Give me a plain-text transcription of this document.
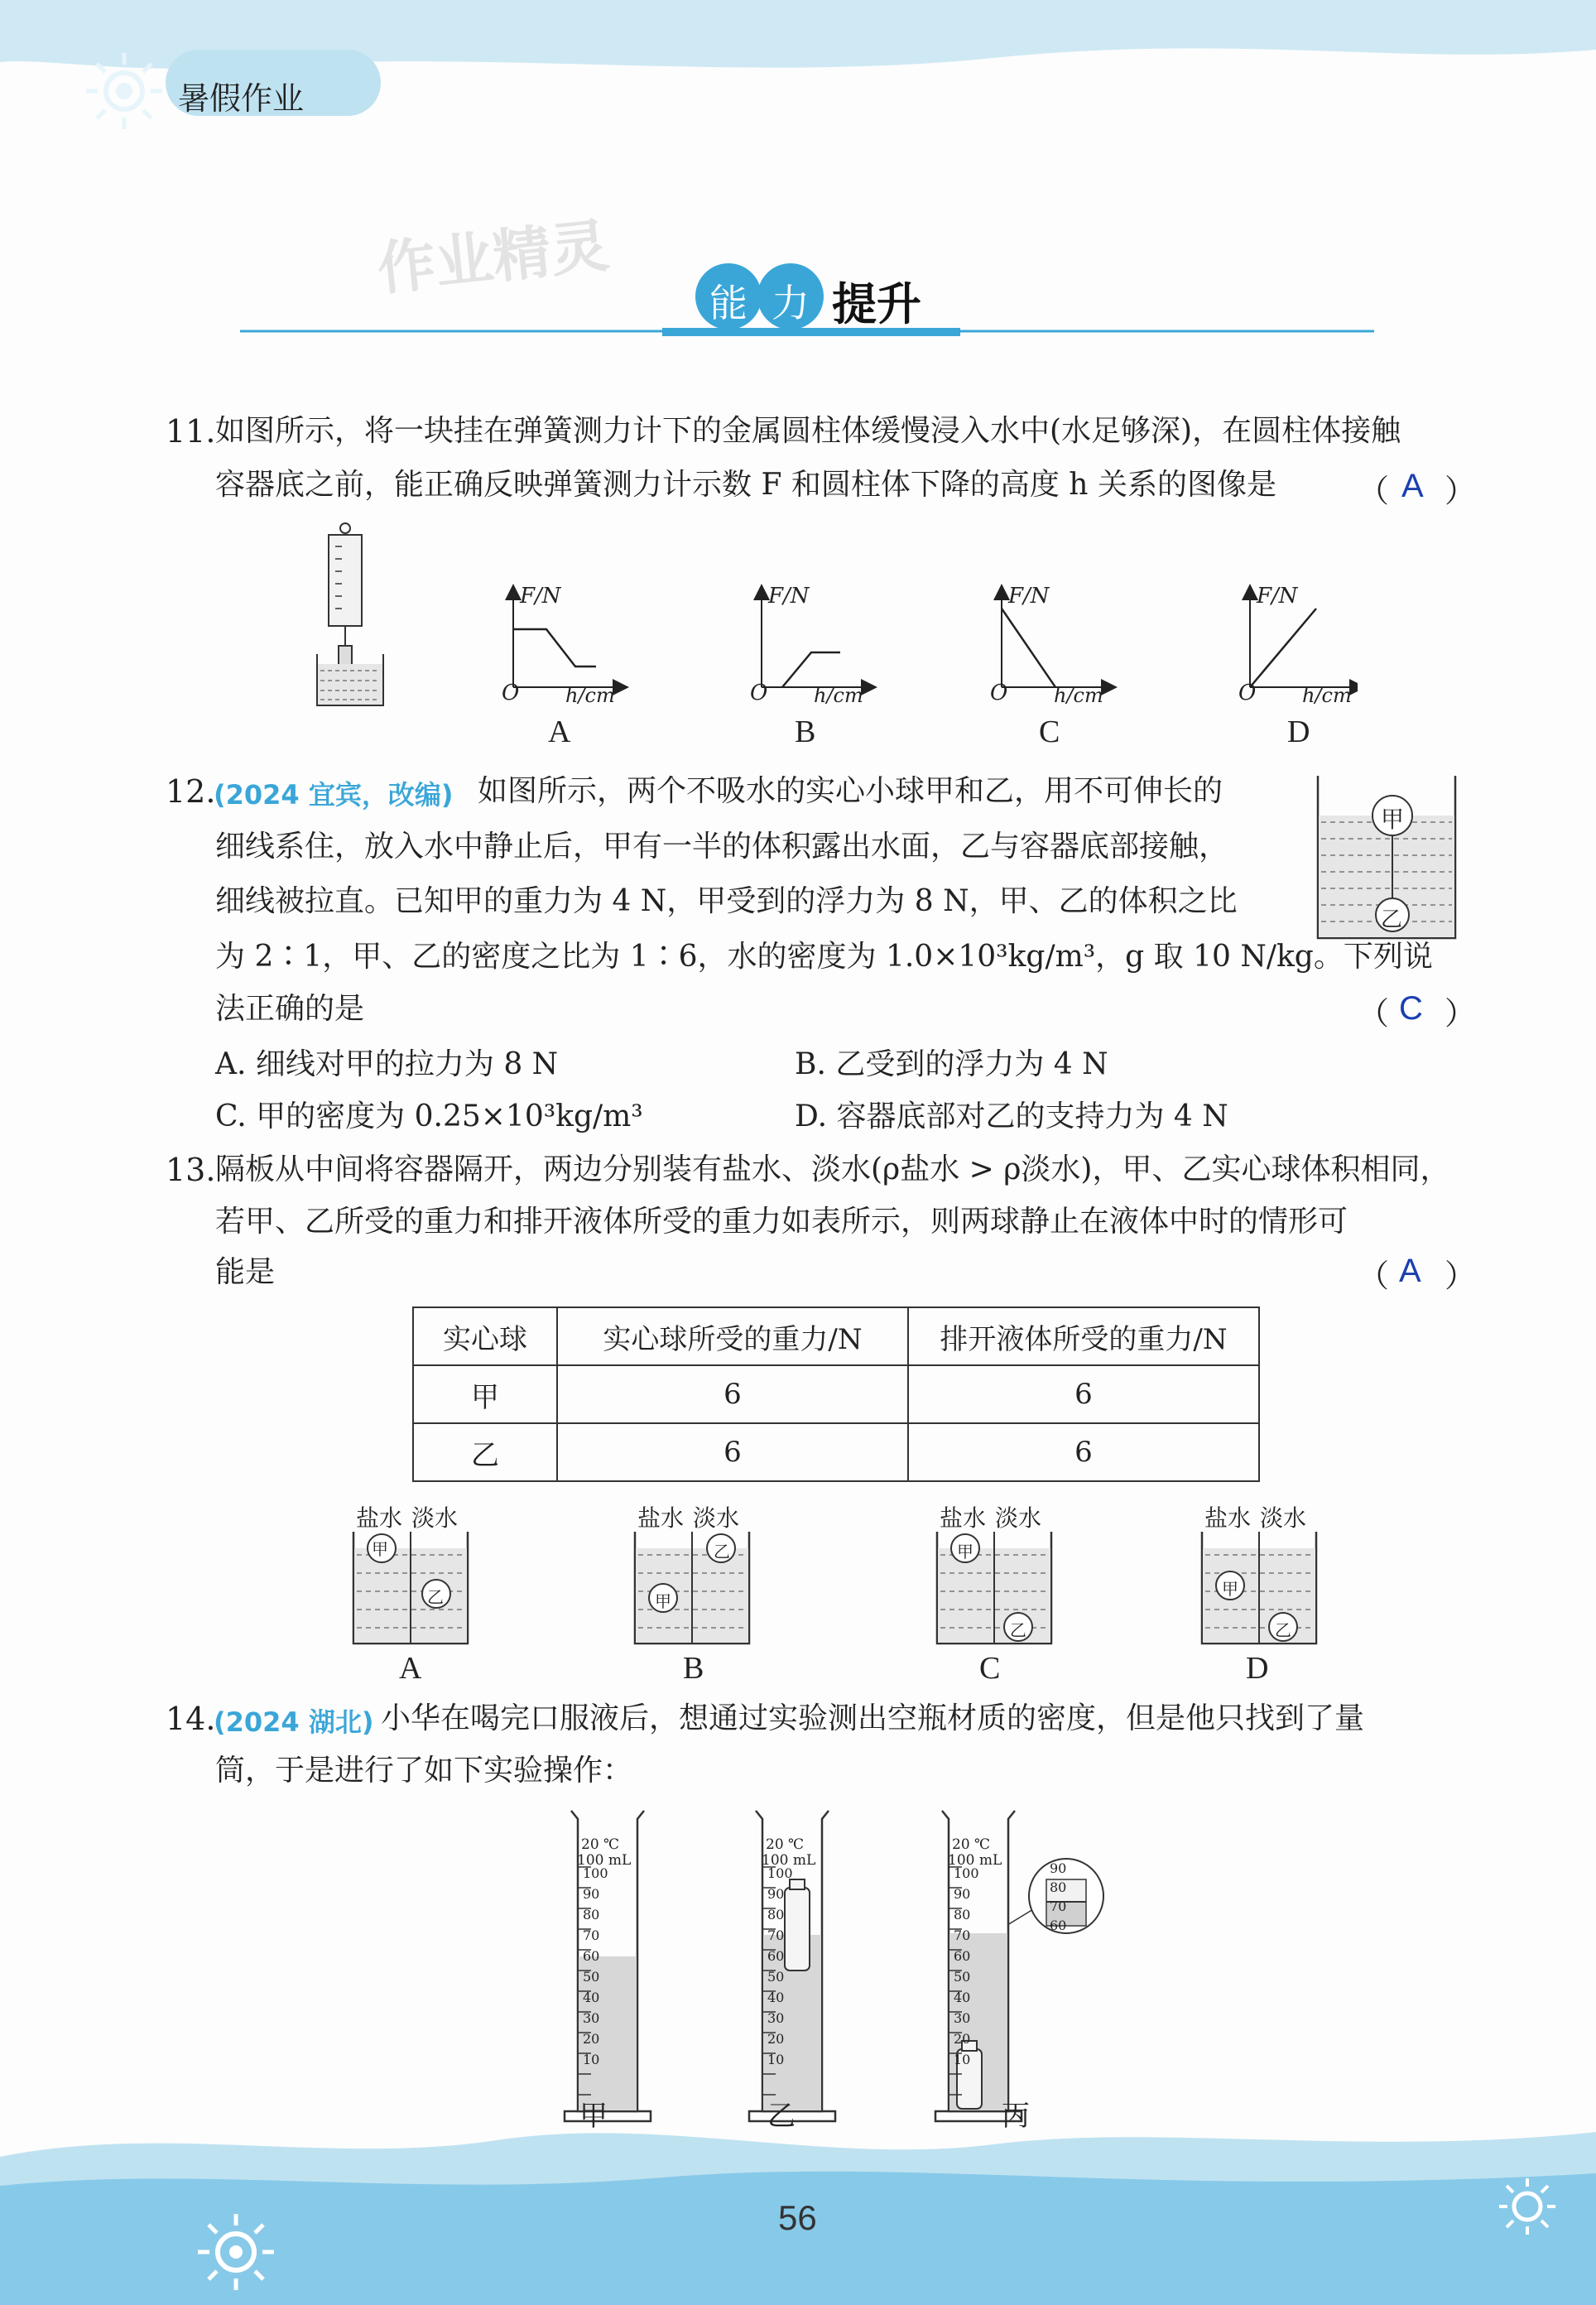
暑假作业
作业精灵	能 力 提升
11. 如图所示，将一块挂在弹簧测力计下的金属圆柱体缓慢浸入水中(水足够深)，在圆柱体接触
容器底之前，能正确反映弹簧测力计示数 F 和圆柱体下降的高度 h 关系的图像是	（ A ）
F/N	F/N	F/N	F/N
O	O	O	O
h/cm	h/cm	h/cm	h/cm
A	B	C	D
12.
(2024 宜宾，改编) 如图所示，两个不吸水的实心小球甲和乙，用不可伸长的
细线系住，放入水中静止后，甲有一半的体积露出水面，乙与容器底部接触，
细线被拉直。已知甲的重力为 4 N，甲受到的浮力为 8 N，甲、乙的体积之比
为 2∶1，甲、乙的密度之比为 1∶6，水的密度为 1.0×10³kg/m³，g 取 10 N/kg。下列说
法正确的是	（ C ）
甲
乙
A. 细线对甲的拉力为 8 N	B. 乙受到的浮力为 4 N
C. 甲的密度为 0.25×10³kg/m³	D. 容器底部对乙的支持力为 4 N
13. 隔板从中间将容器隔开，两边分别装有盐水、淡水(ρ盐水 > ρ淡水)，甲、乙实心球体积相同，
若甲、乙所受的重力和排开液体所受的重力如表所示，则两球静止在液体中时的情形可
能是	（ A ）
实心球	实心球所受的重力/N	排开液体所受的重力/N
甲	6	6
乙	6	6
盐水 淡水	盐水 淡水	盐水 淡水	盐水 淡水
甲
乙	甲
乙	甲
乙
甲
乙
A	B	C	D
14.
(2024 湖北) 小华在喝完口服液后，想通过实验测出空瓶材质的密度，但是他只找到了量
筒，于是进行了如下实验操作：
20 ℃
100 mL
20 ℃
100 mL
20 ℃
100 mL
100
90
80
70
60
50
40
30
20
10
100
90
80
70
60
50
40
30
20
10
100
90
80
70
60
50
40
30
20
10
90
80
70
60
甲	乙	丙
56
